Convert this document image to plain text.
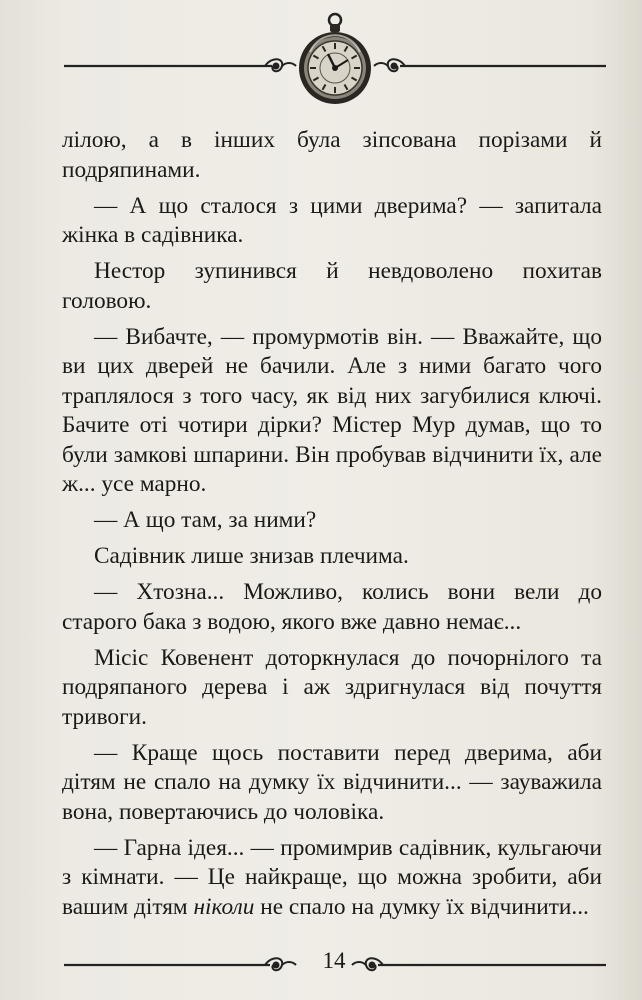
лілою, а в інших була зіпсована порізами й подряпинами.

— А що сталося з цими дверима? — запитала жінка в садівника.

Нестор зупинився й невдоволено похитав головою.

— Вибачте, — промурмотів він. — Вважайте, що ви цих дверей не бачили. Але з ними багато чого траплялося з того часу, як від них загубилися ключі. Бачите оті чотири дірки? Містер Мур думав, що то були замкові шпарини. Він пробував відчинити їх, але ж... усе марно.

— А що там, за ними?

Садівник лише знизав плечима.

— Хтозна... Можливо, колись вони вели до старого бака з водою, якого вже давно немає...

Місіс Ковенент доторкнулася до почорнілого та подряпаного дерева і аж здригнулася від почуття тривоги.

— Краще щось поставити перед дверима, аби дітям не спало на думку їх відчинити... — зауважила вона, повертаючись до чоловіка.

— Гарна ідея... — промимрив садівник, кульгаючи з кімнати. — Це найкраще, що можна зробити, аби вашим дітям ніколи не спало на думку їх відчинити...

14
